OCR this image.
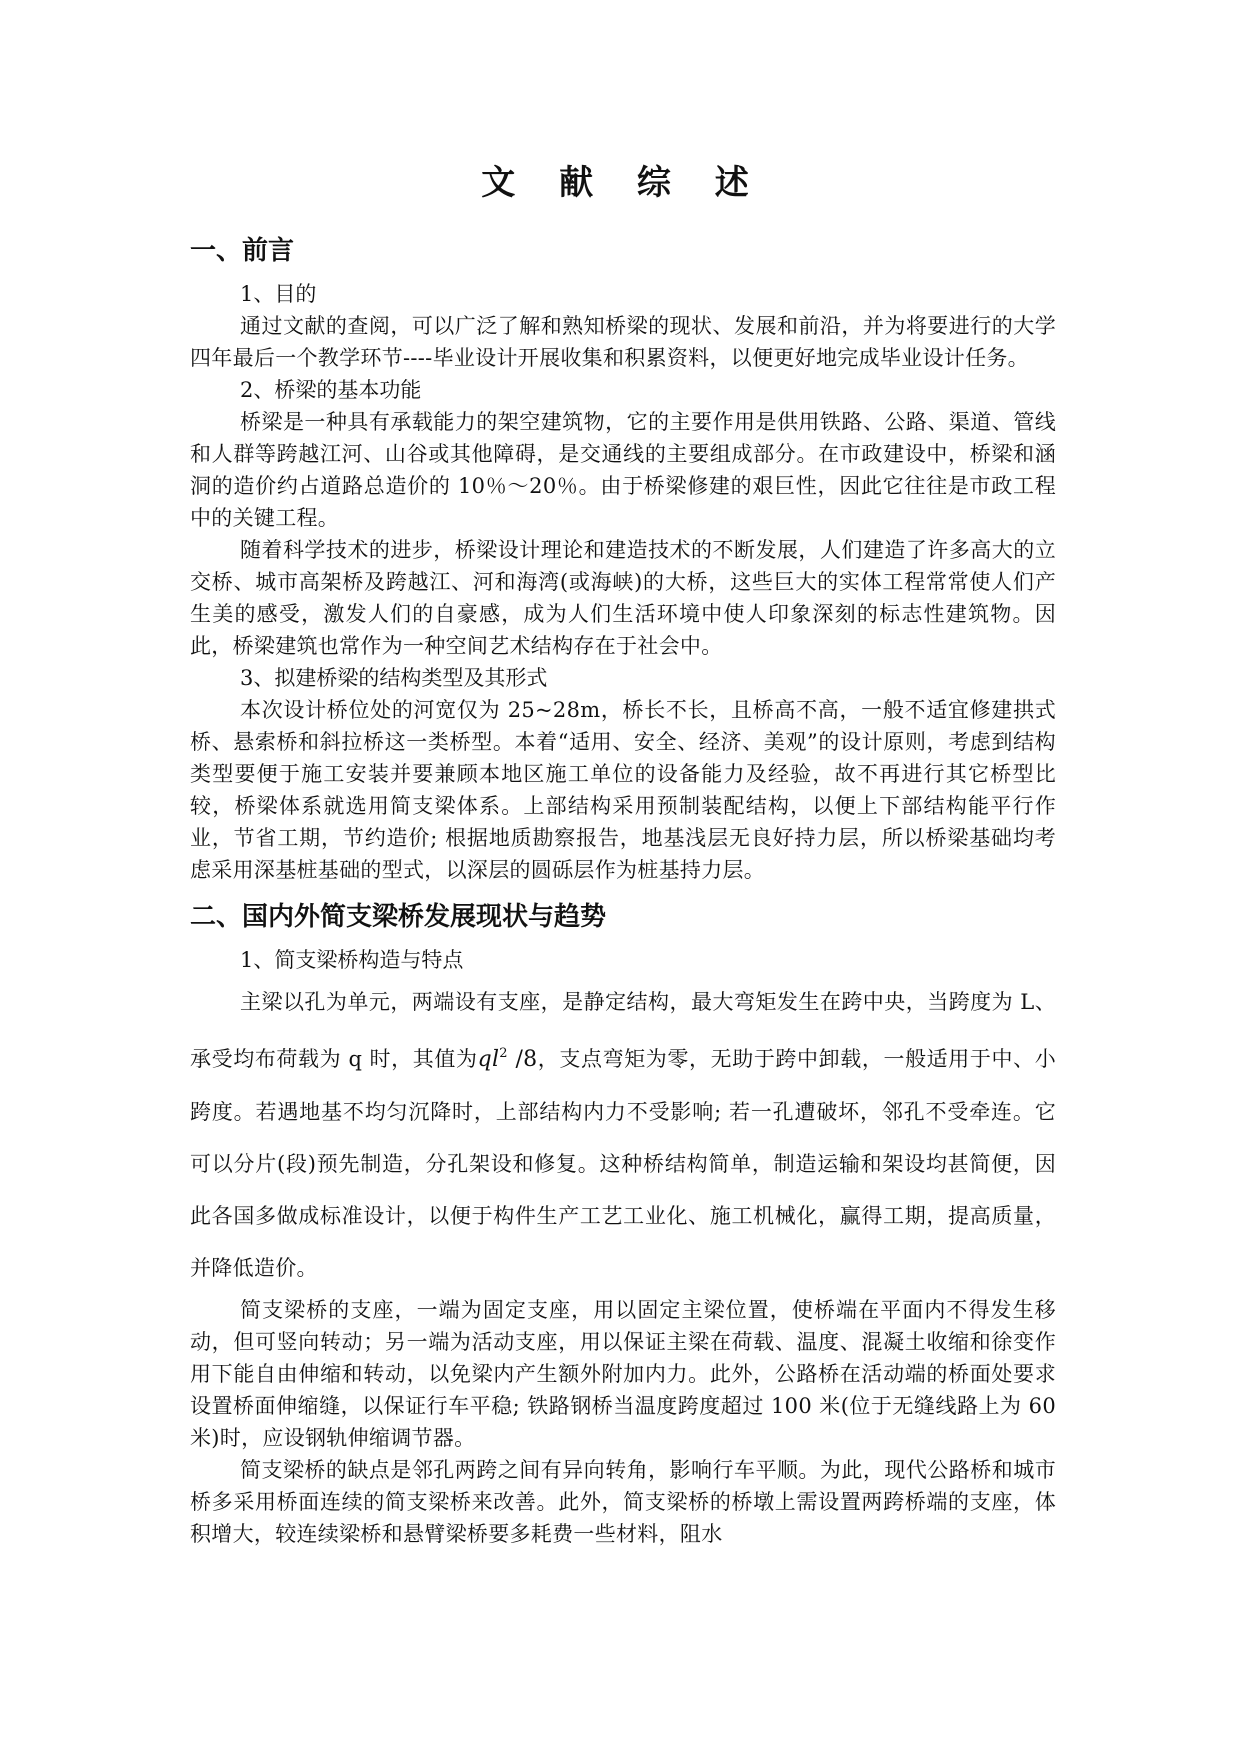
文 献 综 述
一、前言

1、目的

通过文献的查阅，可以广泛了解和熟知桥梁的现状、发展和前沿，并为将要进行的大学四年最后一个教学环节----毕业设计开展收集和积累资料，以便更好地完成毕业设计任务。

2、桥梁的基本功能

桥梁是一种具有承载能力的架空建筑物，它的主要作用是供用铁路、公路、渠道、管线和人群等跨越江河、山谷或其他障碍，是交通线的主要组成部分。在市政建设中，桥梁和涵洞的造价约占道路总造价的 10％～20％。由于桥梁修建的艰巨性，因此它往往是市政工程中的关键工程。

随着科学技术的进步，桥梁设计理论和建造技术的不断发展，人们建造了许多高大的立交桥、城市高架桥及跨越江、河和海湾(或海峡)的大桥，这些巨大的实体工程常常使人们产生美的感受，激发人们的自豪感，成为人们生活环境中使人印象深刻的标志性建筑物。因此，桥梁建筑也常作为一种空间艺术结构存在于社会中。

3、拟建桥梁的结构类型及其形式

本次设计桥位处的河宽仅为 25~28m，桥长不长，且桥高不高，一般不适宜修建拱式桥、悬索桥和斜拉桥这一类桥型。本着“适用、安全、经济、美观”的设计原则，考虑到结构类型要便于施工安装并要兼顾本地区施工单位的设备能力及经验，故不再进行其它桥型比较，桥梁体系就选用简支梁体系。上部结构采用预制装配结构，以便上下部结构能平行作业，节省工期，节约造价; 根据地质勘察报告，地基浅层无良好持力层，所以桥梁基础均考虑采用深基桩基础的型式，以深层的圆砾层作为桩基持力层。

二、国内外简支梁桥发展现状与趋势

1、简支梁桥构造与特点

主梁以孔为单元，两端设有支座，是静定结构，最大弯矩发生在跨中央，当跨度为 L、承受均布荷载为 q 时，其值为$ql^2$ /8，支点弯矩为零，无助于跨中卸载，一般适用于中、小跨度。若遇地基不均匀沉降时，上部结构内力不受影响; 若一孔遭破坏，邻孔不受牵连。它可以分片(段)预先制造，分孔架设和修复。这种桥结构简单，制造运输和架设均甚简便，因此各国多做成标准设计，以便于构件生产工艺工业化、施工机械化，赢得工期，提高质量，并降低造价。

简支梁桥的支座，一端为固定支座，用以固定主梁位置，使桥端在平面内不得发生移动，但可竖向转动；另一端为活动支座，用以保证主梁在荷载、温度、混凝土收缩和徐变作用下能自由伸缩和转动，以免梁内产生额外附加内力。此外，公路桥在活动端的桥面处要求设置桥面伸缩缝，以保证行车平稳; 铁路钢桥当温度跨度超过 100 米(位于无缝线路上为 60 米)时，应设钢轨伸缩调节器。

简支梁桥的缺点是邻孔两跨之间有异向转角，影响行车平顺。为此，现代公路桥和城市桥多采用桥面连续的简支梁桥来改善。此外，简支梁桥的桥墩上需设置两跨桥端的支座，体积增大，较连续梁桥和悬臂梁桥要多耗费一些材料，阻水
